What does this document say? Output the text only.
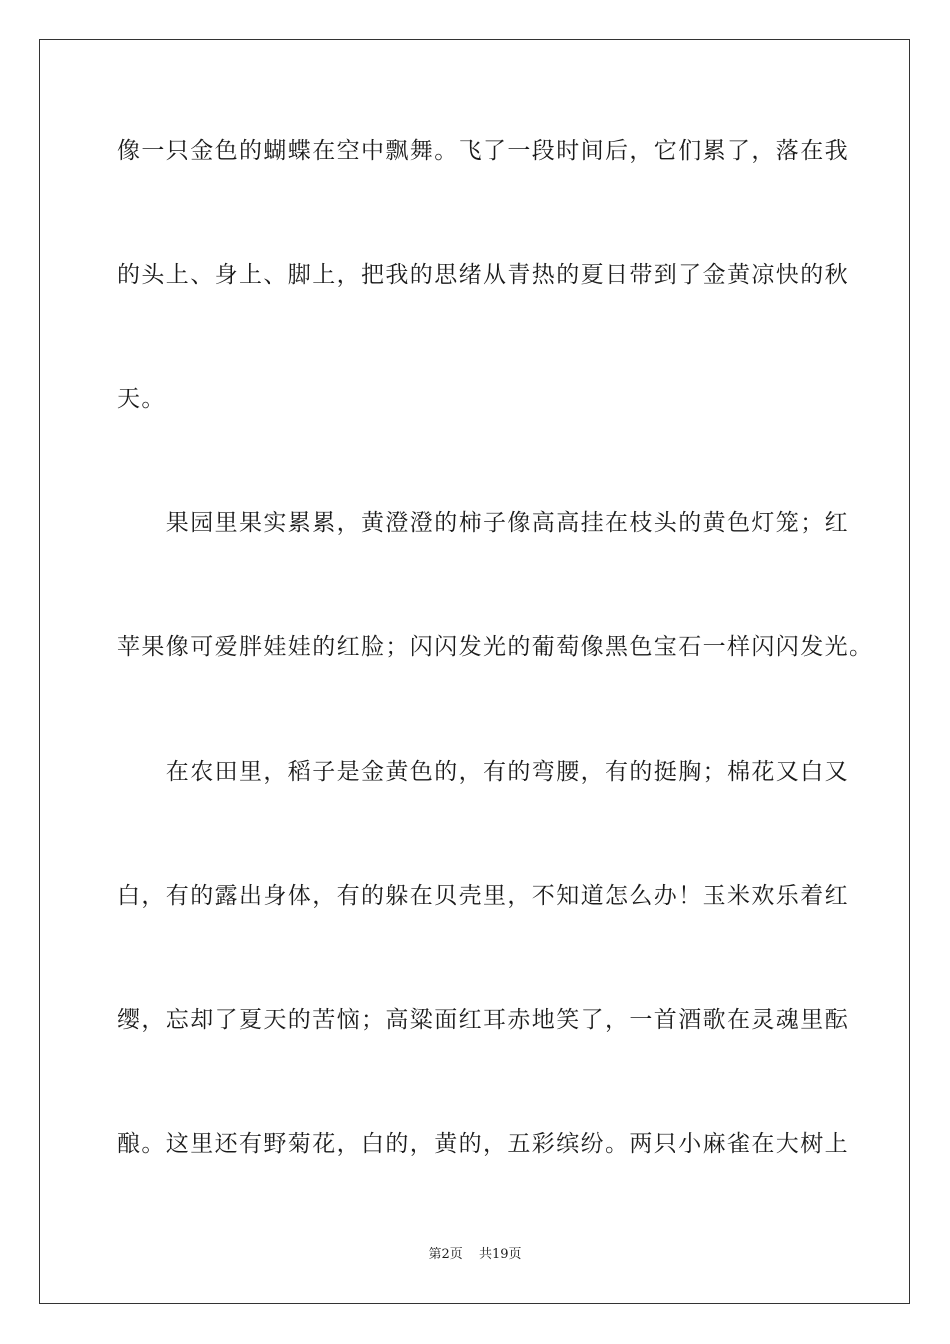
像一只金色的蝴蝶在空中飘舞。飞了一段时间后，它们累了，落在我
的头上、身上、脚上，把我的思绪从青热的夏日带到了金黄凉快的秋
天。
　　果园里果实累累，黄澄澄的柿子像高高挂在枝头的黄色灯笼；红
苹果像可爱胖娃娃的红脸；闪闪发光的葡萄像黑色宝石一样闪闪发光。
　　在农田里，稻子是金黄色的，有的弯腰，有的挺胸；棉花又白又
白，有的露出身体，有的躲在贝壳里，不知道怎么办！玉米欢乐着红
缨，忘却了夏天的苦恼；高粱面红耳赤地笑了，一首酒歌在灵魂里酝
酿。这里还有野菊花，白的，黄的，五彩缤纷。两只小麻雀在大树上
第2页 共19页
